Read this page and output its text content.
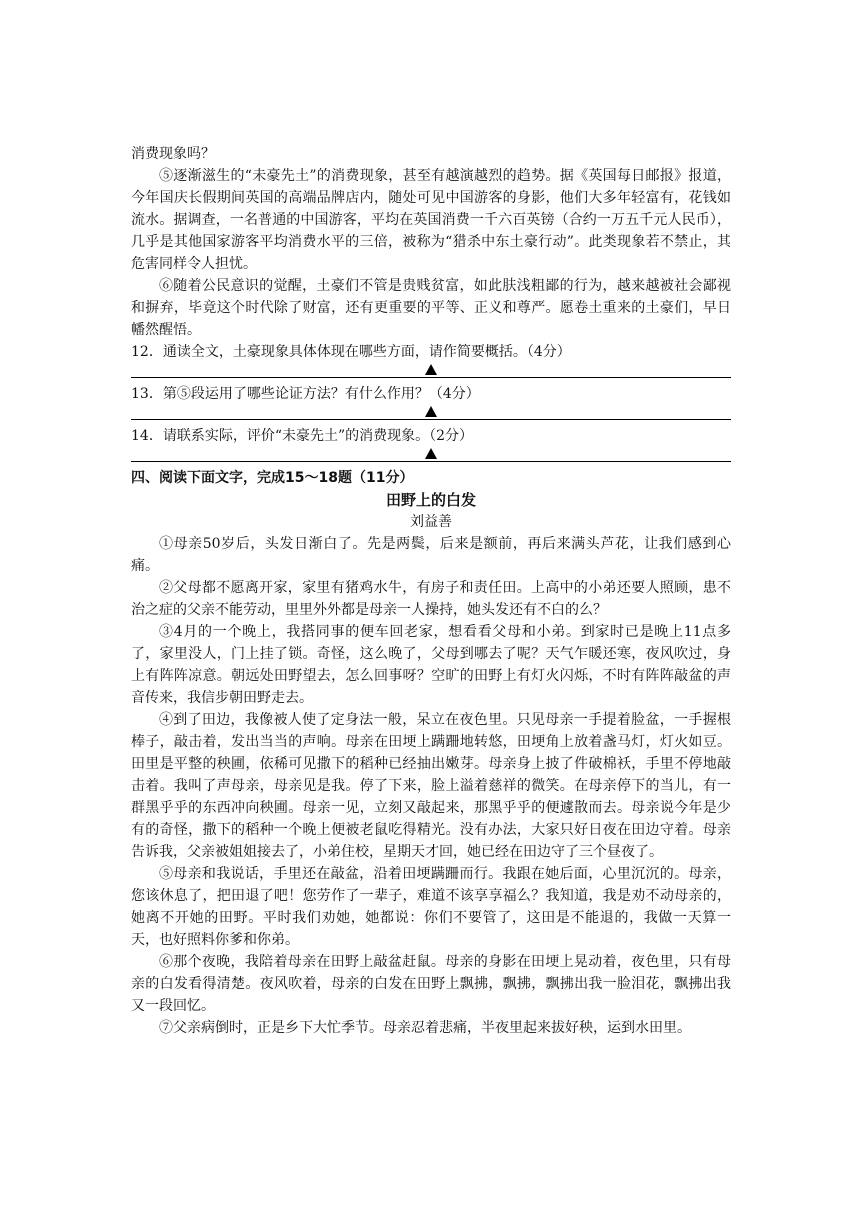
消费现象吗？

⑤逐渐滋生的“未豪先土”的消费现象，甚至有越演越烈的趋势。据《英国每日邮报》报道，今年国庆长假期间英国的高端品牌店内，随处可见中国游客的身影，他们大多年轻富有，花钱如流水。据调查，一名普通的中国游客，平均在英国消费一千六百英镑（合约一万五千元人民币），几乎是其他国家游客平均消费水平的三倍，被称为“猎杀中东土豪行动”。此类现象若不禁止，其危害同样令人担忧。

⑥随着公民意识的觉醒，土豪们不管是贵贱贫富，如此肤浅粗鄙的行为，越来越被社会鄙视和摒弃，毕竟这个时代除了财富，还有更重要的平等、正义和尊严。愿卷土重来的土豪们，早日幡然醒悟。

12．通读全文，土豪现象具体体现在哪些方面，请作简要概括。（4分）

13．第⑤段运用了哪些论证方法？有什么作用？（4分）

14．请联系实际，评价“未豪先土”的消费现象。（2分）

四、阅读下面文字，完成15～18题（11分）

田野上的白发

刘益善

①母亲50岁后，头发日渐白了。先是两鬓，后来是额前，再后来满头芦花，让我们感到心痛。

②父母都不愿离开家，家里有猪鸡水牛，有房子和责任田。上高中的小弟还要人照顾，患不治之症的父亲不能劳动，里里外外都是母亲一人操持，她头发还有不白的么？

③4月的一个晚上，我搭同事的便车回老家，想看看父母和小弟。到家时已是晚上11点多了，家里没人，门上挂了锁。奇怪，这么晚了，父母到哪去了呢？天气乍暖还寒，夜风吹过，身上有阵阵凉意。朝远处田野望去，怎么回事呀？空旷的田野上有灯火闪烁，不时有阵阵敲盆的声音传来，我信步朝田野走去。

④到了田边，我像被人使了定身法一般，呆立在夜色里。只见母亲一手提着脸盆，一手握根棒子，敲击着，发出当当的声响。母亲在田埂上蹒跚地转悠，田埂角上放着盏马灯，灯火如豆。田里是平整的秧圃，依稀可见撒下的稻种已经抽出嫩芽。母亲身上披了件破棉袄，手里不停地敲击着。我叫了声母亲，母亲见是我。停了下来，脸上溢着慈祥的微笑。在母亲停下的当儿，有一群黑乎乎的东西冲向秧圃。母亲一见，立刻又敲起来，那黑乎乎的便遽散而去。母亲说今年是少有的奇怪，撒下的稻种一个晚上便被老鼠吃得精光。没有办法，大家只好日夜在田边守着。母亲告诉我，父亲被姐姐接去了，小弟住校，星期天才回，她已经在田边守了三个昼夜了。

⑤母亲和我说话，手里还在敲盆，沿着田埂蹒跚而行。我跟在她后面，心里沉沉的。母亲，您该休息了，把田退了吧！您劳作了一辈子，难道不该享享福么？我知道，我是劝不动母亲的，她离不开她的田野。平时我们劝她，她都说：你们不要管了，这田是不能退的，我做一天算一天，也好照料你爹和你弟。

⑥那个夜晚，我陪着母亲在田野上敲盆赶鼠。母亲的身影在田埂上晃动着，夜色里，只有母亲的白发看得清楚。夜风吹着，母亲的白发在田野上飘拂，飘拂，飘拂出我一脸泪花，飘拂出我又一段回忆。

⑦父亲病倒时，正是乡下大忙季节。母亲忍着悲痛，半夜里起来拔好秧，运到水田里。
